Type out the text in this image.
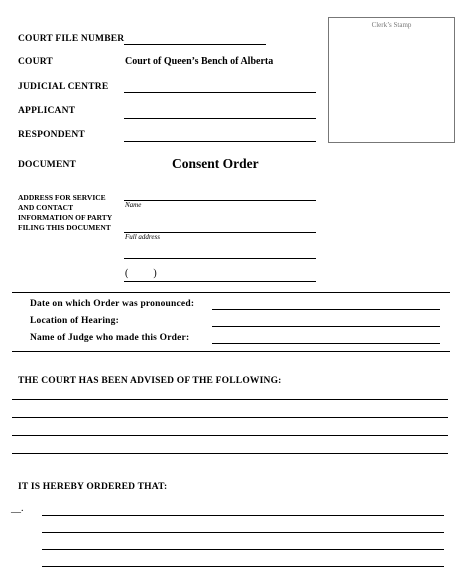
COURT FILE NUMBER
COURT	Court of Queen’s Bench of Alberta
JUDICIAL CENTRE
APPLICANT
RESPONDENT
DOCUMENT	Consent Order
Clerk’s Stamp
ADDRESS FOR SERVICE
AND CONTACT
INFORMATION OF PARTY
FILING THIS DOCUMENT
Name
Full address
(          )
Date on which Order was pronounced:
Location of Hearing:
Name of Judge who made this Order:
THE COURT HAS BEEN ADVISED OF THE FOLLOWING:
IT IS HEREBY ORDERED THAT:
__.
